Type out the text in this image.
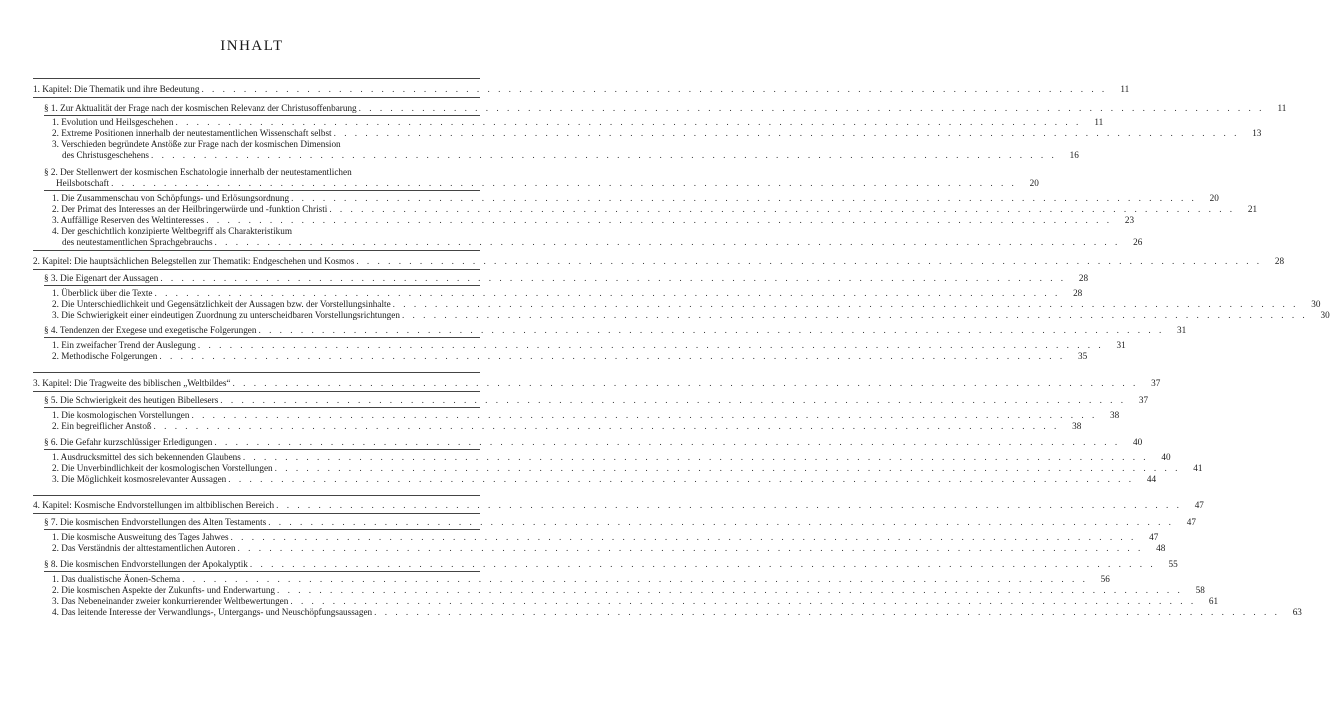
INHALT
1. Kapitel: Die Thematik und ihre Bedeutung . . .	11
§ 1. Zur Aktualität der Frage nach der kosmischen Relevanz der Christusoffenbarung . . .	11
1. Evolution und Heilsgeschehen . . .	11
2. Extreme Positionen innerhalb der neutestamentlichen Wissenschaft selbst . . .	13
3. Verschieden begründete Anstöße zur Frage nach der kosmischen Dimension
des Christusgeschehens . . .	16
§ 2. Der Stellenwert der kosmischen Eschatologie innerhalb der neutestamentlichen
Heilsbotschaft . . .	20
1. Die Zusammenschau von Schöpfungs- und Erlösungsordnung . . .	20
2. Der Primat des Interesses an der Heilbringerwürde und -funktion Christi . . .	21
3. Auffällige Reserven des Weltinteresses . . .	23
4. Der geschichtlich konzipierte Weltbegriff als Charakteristikum
des neutestamentlichen Sprachgebrauchs . . .	26
2. Kapitel: Die hauptsächlichen Belegstellen zur Thematik: Endgeschehen und Kosmos . . .	28
§ 3. Die Eigenart der Aussagen . . .	28
1. Überblick über die Texte . . .	28
2. Die Unterschiedlichkeit und Gegensätzlichkeit der Aussagen bzw. der Vorstellungsinhalte . . .	30
3. Die Schwierigkeit einer eindeutigen Zuordnung zu unterscheidbaren Vorstellungsrichtungen . . .	30
§ 4. Tendenzen der Exegese und exegetische Folgerungen . . .	31
1. Ein zweifacher Trend der Auslegung . . .	31
2. Methodische Folgerungen . . .	35
3. Kapitel: Die Tragweite des biblischen „Weltbildes“ . . .	37
§ 5. Die Schwierigkeit des heutigen Bibellesers . . .	37
1. Die kosmologischen Vorstellungen . . .	38
2. Ein begreiflicher Anstoß . . .	38
§ 6. Die Gefahr kurzschlüssiger Erledigungen . . .	40
1. Ausdrucksmittel des sich bekennenden Glaubens . . .	40
2. Die Unverbindlichkeit der kosmologischen Vorstellungen . . .	41
3. Die Möglichkeit kosmosrelevanter Aussagen . . .	44
4. Kapitel: Kosmische Endvorstellungen im altbiblischen Bereich . . .	47
§ 7. Die kosmischen Endvorstellungen des Alten Testaments . . .	47
1. Die kosmische Ausweitung des Tages Jahwes . . .	47
2. Das Verständnis der alttestamentlichen Autoren . . .	48
§ 8. Die kosmischen Endvorstellungen der Apokalyptik . . .	55
1. Das dualistische Äonen-Schema . . .	56
2. Die kosmischen Aspekte der Zukunfts- und Enderwartung . . .	58
3. Das Nebeneinander zweier konkurrierender Weltbewertungen . . .	61
4. Das leitende Interesse der Verwandlungs-, Untergangs- und Neuschöpfungsaussagen . . .	63
